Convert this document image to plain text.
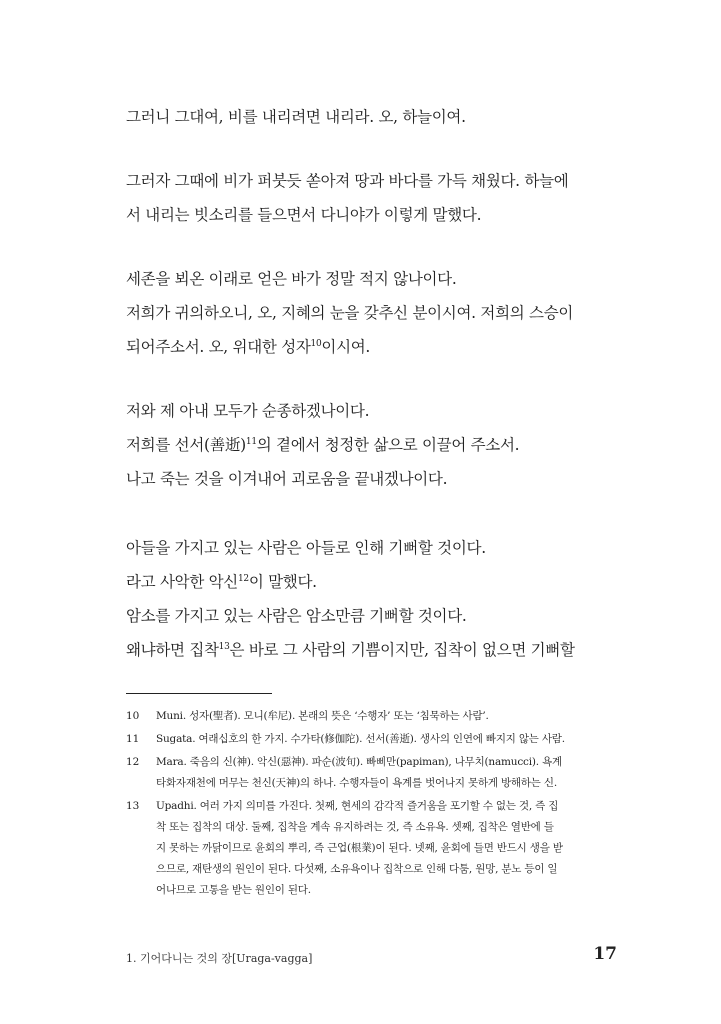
그러니 그대여, 비를 내리려면 내리라. 오, 하늘이여.
그러자 그때에 비가 퍼붓듯 쏟아져 땅과 바다를 가득 채웠다. 하늘에
서 내리는 빗소리를 들으면서 다니야가 이렇게 말했다.
세존을 뵈온 이래로 얻은 바가 정말 적지 않나이다.
저희가 귀의하오니, 오, 지혜의 눈을 갖추신 분이시여. 저희의 스승이
되어주소서. 오, 위대한 성자$^{10}$이시여.
저와 제 아내 모두가 순종하겠나이다.
저희를 선서(善逝)$^{11}$의 곁에서 청정한 삶으로 이끌어 주소서.
나고 죽는 것을 이겨내어 괴로움을 끝내겠나이다.
아들을 가지고 있는 사람은 아들로 인해 기뻐할 것이다.
라고 사악한 악신$^{12}$이 말했다.
암소를 가지고 있는 사람은 암소만큼 기뻐할 것이다.
왜냐하면 집착$^{13}$은 바로 그 사람의 기쁨이지만, 집착이 없으면 기뻐할
10	Muni. 성자(聖者). 모니(牟尼). 본래의 뜻은 ‘수행자’ 또는 ‘침묵하는 사람’.
11	Sugata. 여래십호의 한 가지. 수가타(修伽陀). 선서(善逝). 생사의 인연에 빠지지 않는 사람.
12	Mara. 죽음의 신(神). 악신(惡神). 파순(波旬). 빠삐만(papiman), 나무치(namucci). 욕계
타화자재천에 머무는 천신(天神)의 하나. 수행자들이 욕계를 벗어나지 못하게 방해하는 신.
13	Upadhi. 여러 가지 의미를 가진다. 첫째, 현세의 감각적 즐거움을 포기할 수 없는 것, 즉 집
착 또는 집착의 대상. 둘째, 집착을 계속 유지하려는 것, 즉 소유욕. 셋째, 집착은 열반에 들
지 못하는 까닭이므로 윤회의 뿌리, 즉 근업(根業)이 된다. 넷째, 윤회에 들면 반드시 생을 받
으므로, 재탄생의 원인이 된다. 다섯째, 소유욕이나 집착으로 인해 다툼, 원망, 분노 등이 일
어나므로 고통을 받는 원인이 된다.
1. 기어다니는 것의 장[Uraga-vagga]	17
